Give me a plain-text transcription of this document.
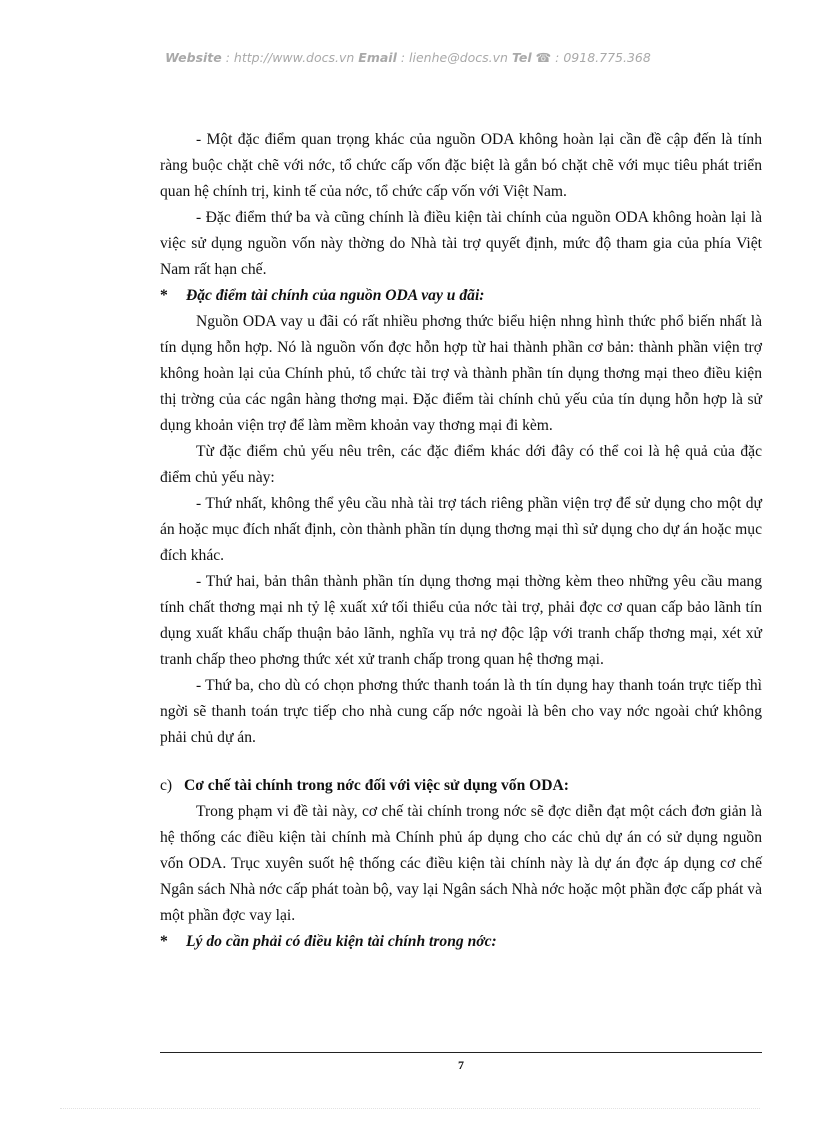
Website : http://www.docs.vn Email : lienhe@docs.vn Tel ☎ : 0918.775.368

- Một đặc điểm quan trọng khác của nguồn ODA không hoàn lại cần đề cập đến là tính ràng buộc chặt chẽ với nớc, tổ chức cấp vốn đặc biệt là gắn bó chặt chẽ với mục tiêu phát triển quan hệ chính trị, kinh tế của nớc, tổ chức cấp vốn với Việt Nam.

- Đặc điểm thứ ba và cũng chính là điều kiện tài chính của nguồn ODA không hoàn lại là việc sử dụng nguồn vốn này thờng do Nhà tài trợ quyết định, mức độ tham gia của phía Việt Nam rất hạn chế.

* Đặc điểm tài chính của nguồn ODA vay u đãi:

Nguồn ODA vay u đãi có rất nhiều phơng thức biểu hiện nhng hình thức phổ biến nhất là tín dụng hỗn hợp. Nó là nguồn vốn đợc hỗn hợp từ hai thành phần cơ bản: thành phần viện trợ không hoàn lại của Chính phủ, tổ chức tài trợ và thành phần tín dụng thơng mại theo điều kiện thị trờng của các ngân hàng thơng mại. Đặc điểm tài chính chủ yếu của tín dụng hỗn hợp là sử dụng khoản viện trợ để làm mềm khoản vay thơng mại đi kèm.

Từ đặc điểm chủ yếu nêu trên, các đặc điểm khác dới đây có thể coi là hệ quả của đặc điểm chủ yếu này:

- Thứ nhất, không thể yêu cầu nhà tài trợ tách riêng phần viện trợ để sử dụng cho một dự án hoặc mục đích nhất định, còn thành phần tín dụng thơng mại thì sử dụng cho dự án hoặc mục đích khác.

- Thứ hai, bản thân thành phần tín dụng thơng mại thờng kèm theo những yêu cầu mang tính chất thơng mại nh tỷ lệ xuất xứ tối thiểu của nớc tài trợ, phải đợc cơ quan cấp bảo lãnh tín dụng xuất khẩu chấp thuận bảo lãnh, nghĩa vụ trả nợ độc lập với tranh chấp thơng mại, xét xử tranh chấp theo phơng thức xét xử tranh chấp trong quan hệ thơng mại.

- Thứ ba, cho dù có chọn phơng thức thanh toán là th tín dụng hay thanh toán trực tiếp thì ngời sẽ thanh toán trực tiếp cho nhà cung cấp nớc ngoài là bên cho vay nớc ngoài chứ không phải chủ dự án.

c) Cơ chế tài chính trong nớc đối với việc sử dụng vốn ODA:

Trong phạm vi đề tài này, cơ chế tài chính trong nớc sẽ đợc diễn đạt một cách đơn giản là hệ thống các điều kiện tài chính mà Chính phủ áp dụng cho các chủ dự án có sử dụng nguồn vốn ODA. Trục xuyên suốt hệ thống các điều kiện tài chính này là dự án đợc áp dụng cơ chế Ngân sách Nhà nớc cấp phát toàn bộ, vay lại Ngân sách Nhà nớc hoặc một phần đợc cấp phát và một phần đợc vay lại.

* Lý do cần phải có điều kiện tài chính trong nớc:

7
